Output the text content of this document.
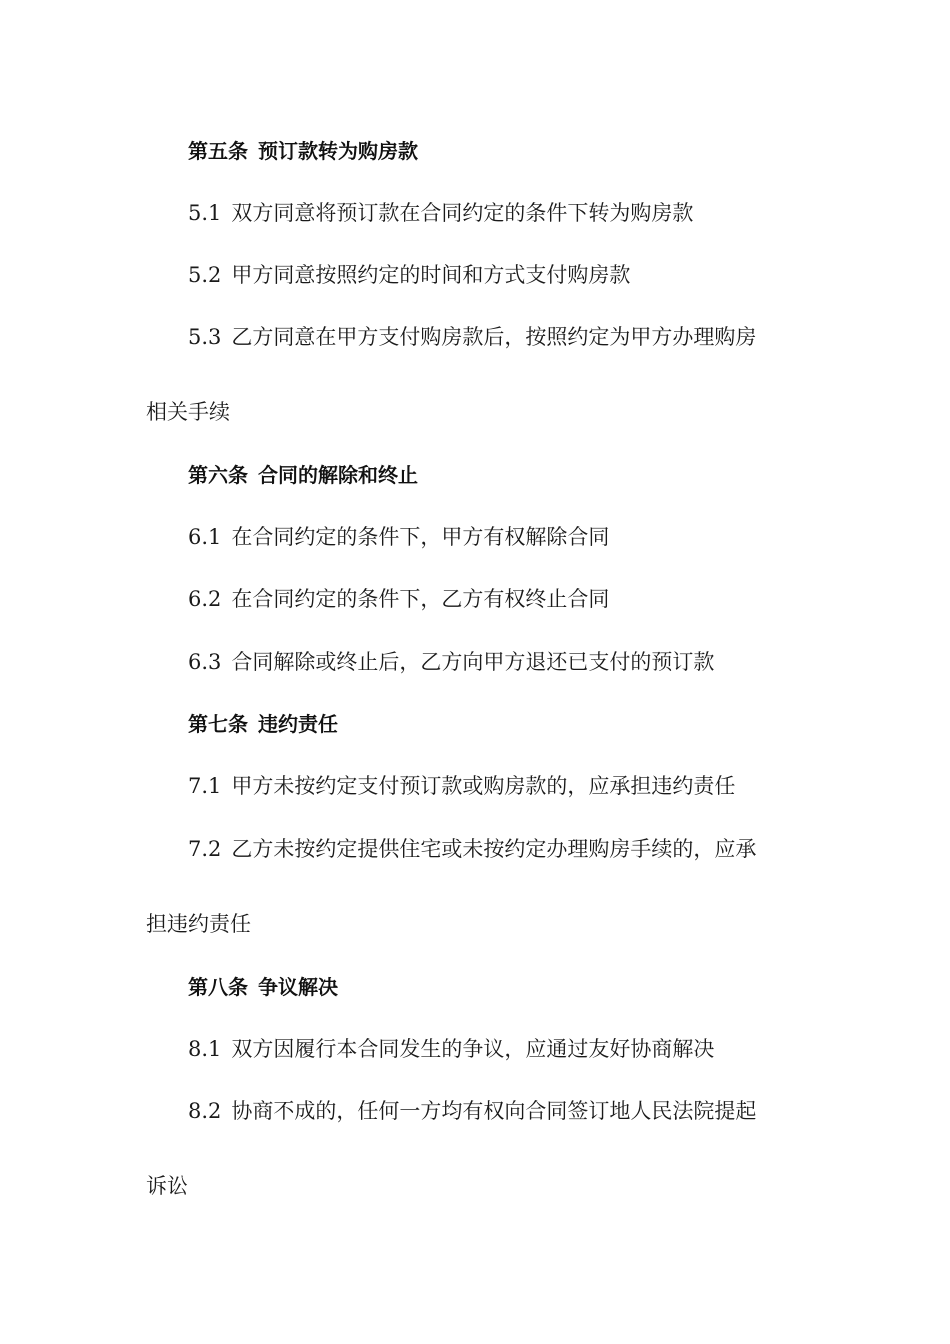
第五条 预订款转为购房款

5.1 双方同意将预订款在合同约定的条件下转为购房款

5.2 甲方同意按照约定的时间和方式支付购房款

5.3 乙方同意在甲方支付购房款后，按照约定为甲方办理购房

相关手续

第六条 合同的解除和终止

6.1 在合同约定的条件下，甲方有权解除合同

6.2 在合同约定的条件下，乙方有权终止合同

6.3 合同解除或终止后，乙方向甲方退还已支付的预订款

第七条 违约责任

7.1 甲方未按约定支付预订款或购房款的，应承担违约责任

7.2 乙方未按约定提供住宅或未按约定办理购房手续的，应承

担违约责任

第八条 争议解决

8.1 双方因履行本合同发生的争议，应通过友好协商解决

8.2 协商不成的，任何一方均有权向合同签订地人民法院提起

诉讼
